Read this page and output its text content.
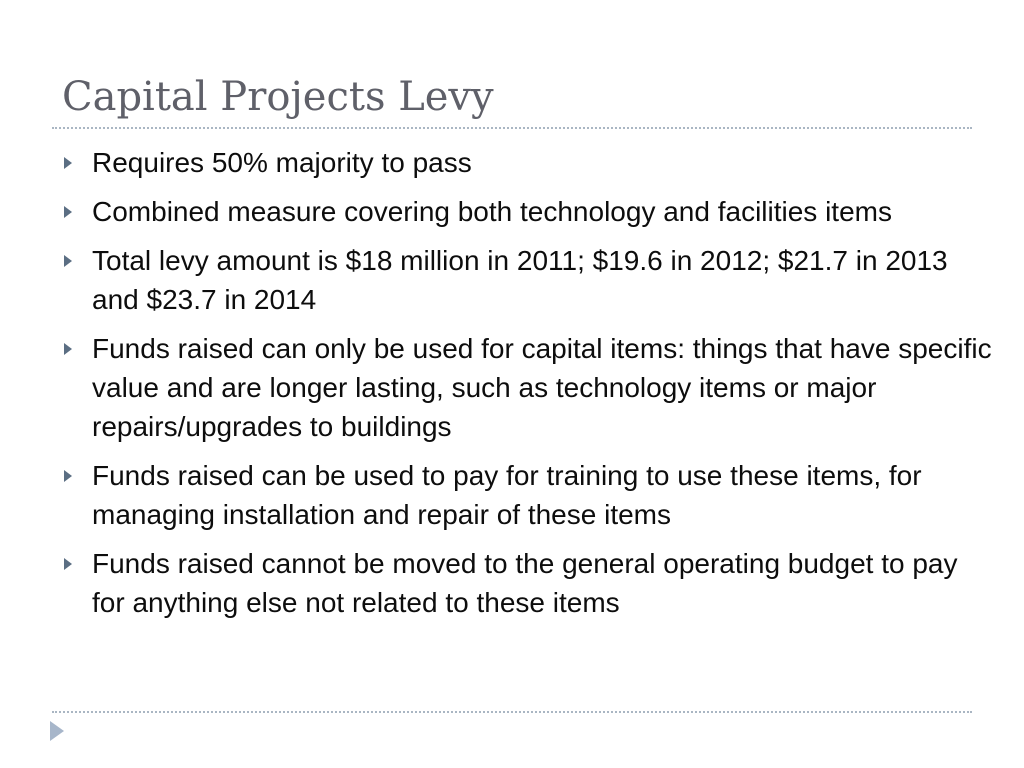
Capital Projects Levy
Requires 50% majority to pass
Combined measure covering both technology and facilities items
Total levy amount is $18 million in 2011; $19.6 in 2012; $21.7 in 2013 and $23.7 in 2014
Funds raised can only be used for capital items: things that have specific value and are longer lasting, such as technology items or major repairs/upgrades to buildings
Funds raised can be used to pay for training to use these items, for managing installation and repair of these items
Funds raised cannot be moved to the general operating budget to pay for anything else not related to these items
